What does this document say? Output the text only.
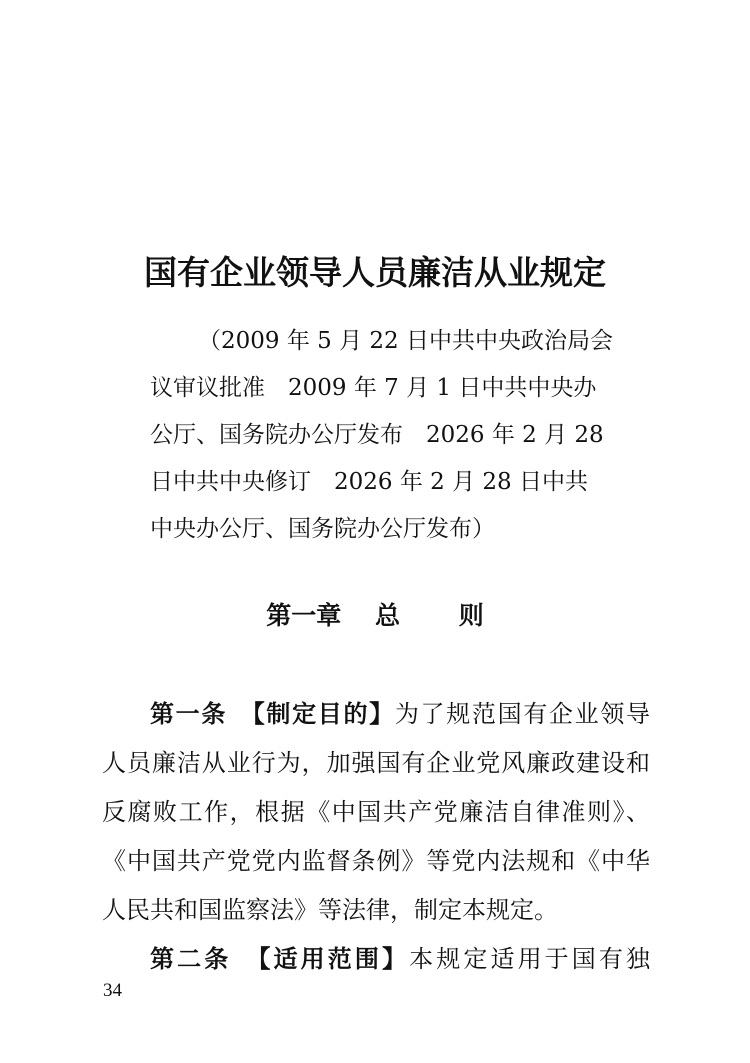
国有企业领导人员廉洁从业规定
（2009 年 5 月 22 日中共中央政治局会
议审议批准　2009 年 7 月 1 日中共中央办
公厅、国务院办公厅发布　2026 年 2 月 28
日中共中央修订　2026 年 2 月 28 日中共
中央办公厅、国务院办公厅发布）
第一章　 总　　 则
第一条　【制定目的】为了规范国有企业领导
人员廉洁从业行为，加强国有企业党风廉政建设和
反腐败工作，根据《中国共产党廉洁自律准则》、
《中国共产党党内监督条例》等党内法规和《中华
人民共和国监察法》等法律，制定本规定。
第二条　【适用范围】本规定适用于国有独
34
